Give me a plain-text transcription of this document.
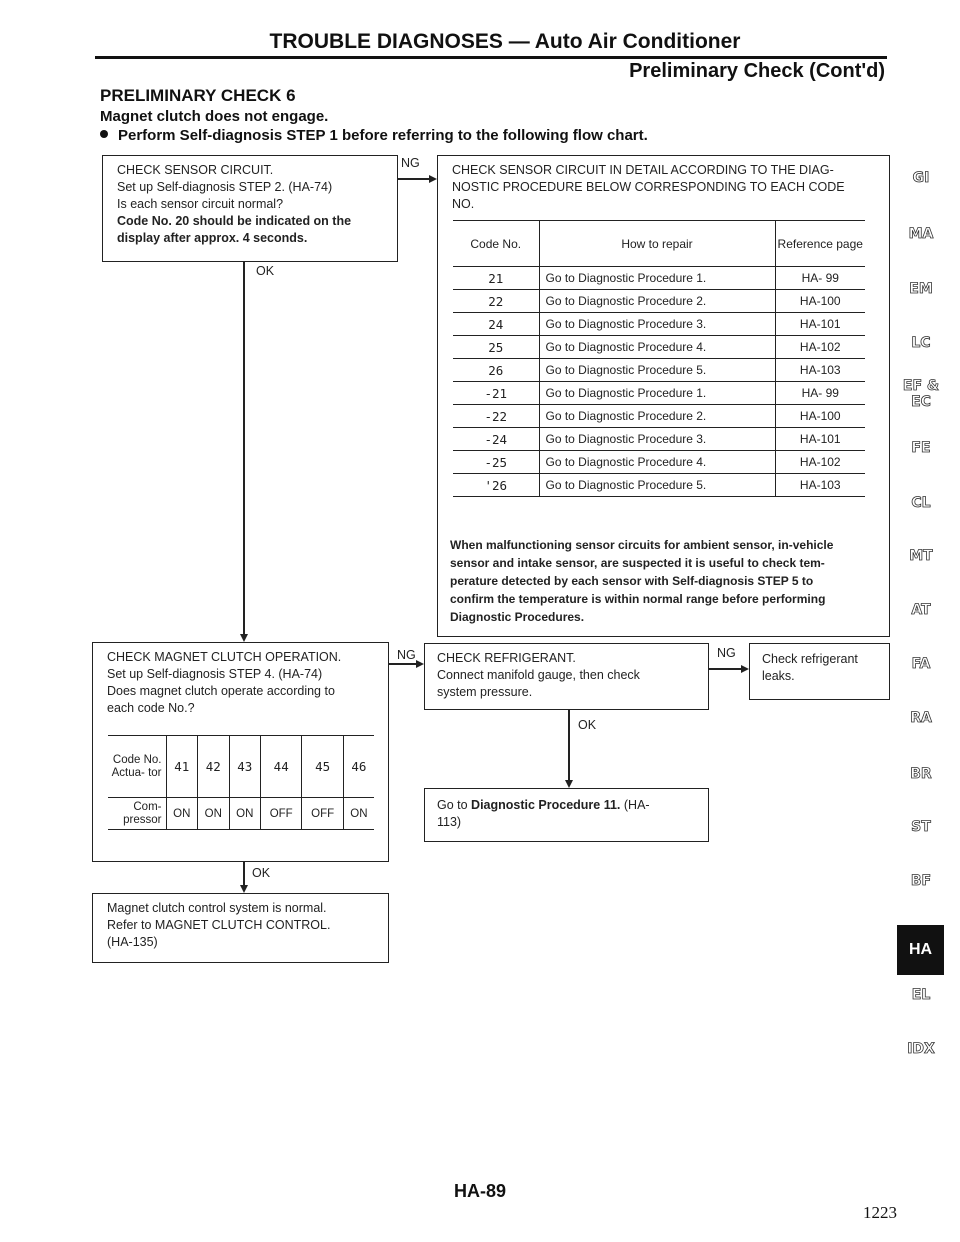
TROUBLE DIAGNOSES — Auto Air Conditioner
Preliminary Check (Cont'd)
PRELIMINARY CHECK 6
Magnet clutch does not engage.
Perform Self-diagnosis STEP 1 before referring to the following flow chart.
CHECK SENSOR CIRCUIT.
Set up Self-diagnosis STEP 2. (HA-74)
Is each sensor circuit normal?
Code No. 20 should be indicated on the
display after approx. 4 seconds.
CHECK SENSOR CIRCUIT IN DETAIL ACCORDING TO THE DIAG-
NOSTIC PROCEDURE BELOW CORRESPONDING TO EACH CODE
NO.
Code No.	How to repair	Reference page
21	Go to Diagnostic Procedure 1.	HA- 99
22	Go to Diagnostic Procedure 2.	HA-100
24	Go to Diagnostic Procedure 3.	HA-101
25	Go to Diagnostic Procedure 4.	HA-102
26	Go to Diagnostic Procedure 5.	HA-103
-21	Go to Diagnostic Procedure 1.	HA- 99
-22	Go to Diagnostic Procedure 2.	HA-100
-24	Go to Diagnostic Procedure 3.	HA-101
-25	Go to Diagnostic Procedure 4.	HA-102
'26	Go to Diagnostic Procedure 5.	HA-103
When malfunctioning sensor circuits for ambient sensor, in-vehicle
sensor and intake sensor, are suspected it is useful to check tem-
perature detected by each sensor with Self-diagnosis STEP 5 to
confirm the temperature is within normal range before performing
Diagnostic Procedures.
CHECK MAGNET CLUTCH OPERATION.
Set up Self-diagnosis STEP 4. (HA-74)
Does magnet clutch operate according to
each code No.?
Code No. Actua- tor	41	42	43	44	45	46
Com- pressor	ON	ON	ON	OFF	OFF	ON
CHECK REFRIGERANT.
Connect manifold gauge, then check
system pressure.
Check refrigerant
leaks.
Go to Diagnostic Procedure 11. (HA-
113)
Magnet clutch control system is normal.
Refer to MAGNET CLUTCH CONTROL.
(HA-135)
NG
OK
NG	NG
OK
OK
GI
MA
EM
LC
EF &
EC
FE
CL
MT
AT
FA
RA
BR
ST
BF
HA
EL
IDX
HA-89
1223
